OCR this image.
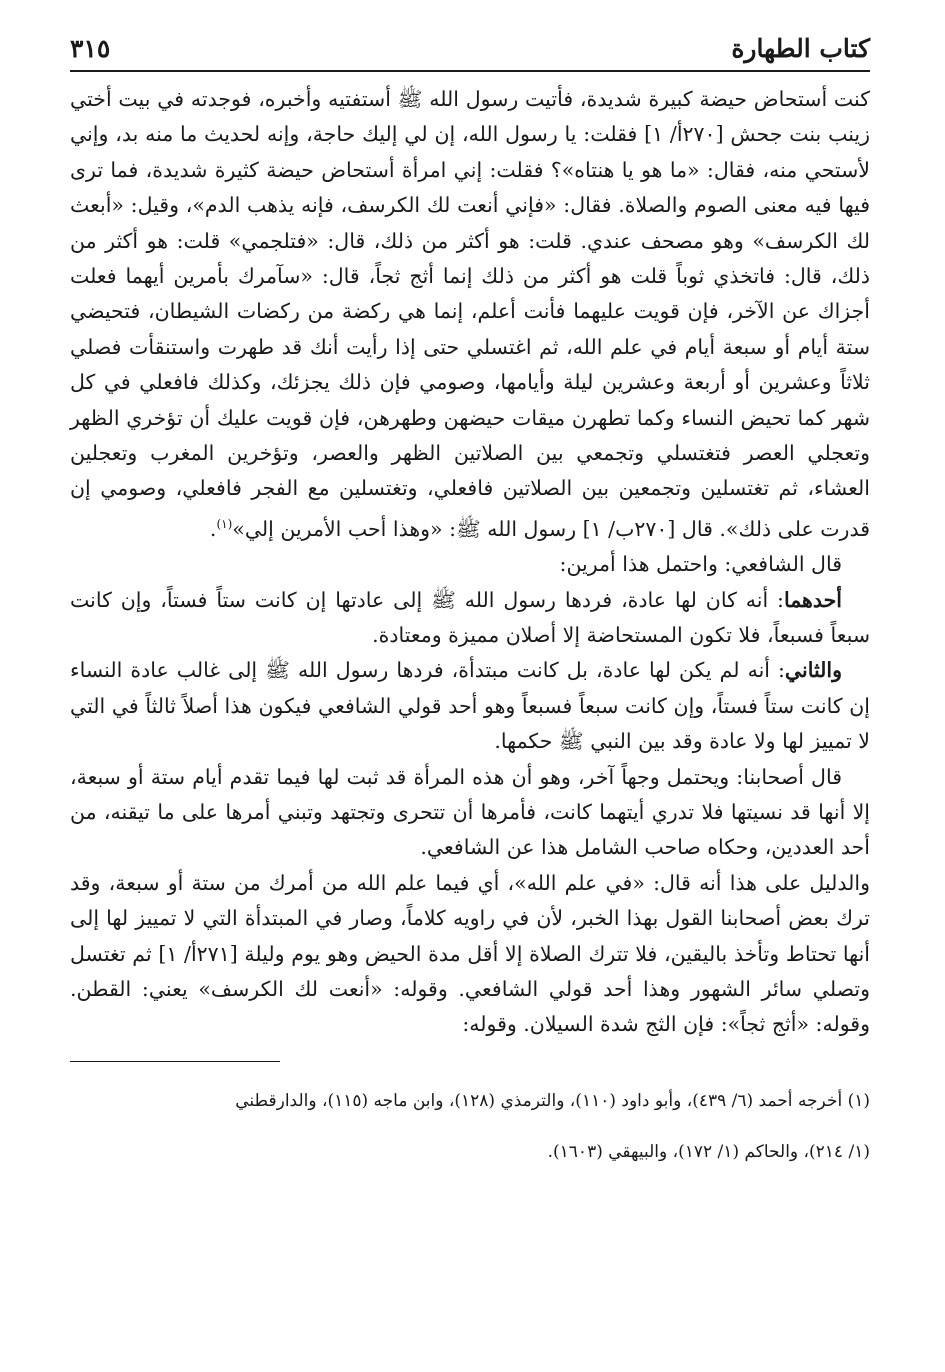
كتاب الطهارة
٣١٥

كنت أستحاض حيضة كبيرة شديدة، فأتيت رسول الله ﷺ أستفتيه وأخبره، فوجدته في بيت أختي زينب بنت جحش [٢٧٠أ/ ١] فقلت: يا رسول الله، إن لي إليك حاجة، وإنه لحديث ما منه بد، وإني لأستحي منه، فقال: «ما هو يا هنتاه»؟ فقلت: إني امرأة أستحاض حيضة كثيرة شديدة، فما ترى فيها فيه معنى الصوم والصلاة. فقال: «فإني أنعت لك الكرسف، فإنه يذهب الدم»، وقيل: «أبعث لك الكرسف» وهو مصحف عندي. قلت: هو أكثر من ذلك، قال: «فتلجمي» قلت: هو أكثر من ذلك، قال: فاتخذي ثوباً قلت هو أكثر من ذلك إنما أثج ثجاً، قال: «سآمرك بأمرين أيهما فعلت أجزاك عن الآخر، فإن قويت عليهما فأنت أعلم، إنما هي ركضة من ركضات الشيطان، فتحيضي ستة أيام أو سبعة أيام في علم الله، ثم اغتسلي حتى إذا رأيت أنك قد طهرت واستنقأت فصلي ثلاثاً وعشرين أو أربعة وعشرين ليلة وأيامها، وصومي فإن ذلك يجزئك، وكذلك فافعلي في كل شهر كما تحيض النساء وكما تطهرن ميقات حيضهن وطهرهن، فإن قويت عليك أن تؤخري الظهر وتعجلي العصر فتغتسلي وتجمعي بين الصلاتين الظهر والعصر، وتؤخرين المغرب وتعجلين العشاء، ثم تغتسلين وتجمعين بين الصلاتين فافعلي، وتغتسلين مع الفجر فافعلي، وصومي إن قدرت على ذلك». قال [٢٧٠ب/ ١] رسول الله ﷺ: «وهذا أحب الأمرين إلي»$^{(١)}$.

قال الشافعي: واحتمل هذا أمرين:

أحدهما: أنه كان لها عادة، فردها رسول الله ﷺ إلى عادتها إن كانت ستاً فستاً، وإن كانت سبعاً فسبعاً، فلا تكون المستحاضة إلا أصلان مميزة ومعتادة.

والثاني: أنه لم يكن لها عادة، بل كانت مبتدأة، فردها رسول الله ﷺ إلى غالب عادة النساء إن كانت ستاً فستاً، وإن كانت سبعاً فسبعاً وهو أحد قولي الشافعي فيكون هذا أصلاً ثالثاً في التي لا تمييز لها ولا عادة وقد بين النبي ﷺ حكمها.

قال أصحابنا: ويحتمل وجهاً آخر، وهو أن هذه المرأة قد ثبت لها فيما تقدم أيام ستة أو سبعة، إلا أنها قد نسيتها فلا تدري أيتهما كانت، فأمرها أن تتحرى وتجتهد وتبني أمرها على ما تيقنه، من أحد العددين، وحكاه صاحب الشامل هذا عن الشافعي.

والدليل على هذا أنه قال: «في علم الله»، أي فيما علم الله من أمرك من ستة أو سبعة، وقد ترك بعض أصحابنا القول بهذا الخبر، لأن في راويه كلاماً، وصار في المبتدأة التي لا تمييز لها إلى أنها تحتاط وتأخذ باليقين، فلا تترك الصلاة إلا أقل مدة الحيض وهو يوم وليلة [٢٧١أ/ ١] ثم تغتسل وتصلي سائر الشهور وهذا أحد قولي الشافعي. وقوله: «أنعت لك الكرسف» يعني: القطن. وقوله: «أثج ثجاً»: فإن الثج شدة السيلان. وقوله:

(١) أخرجه أحمد (٦/ ٤٣٩)، وأبو داود (١١٠)، والترمذي (١٢٨)، وابن ماجه (١١٥)، والدارقطني

(١/ ٢١٤)، والحاكم (١/ ١٧٢)، والبيهقي (١٦٠٣).
